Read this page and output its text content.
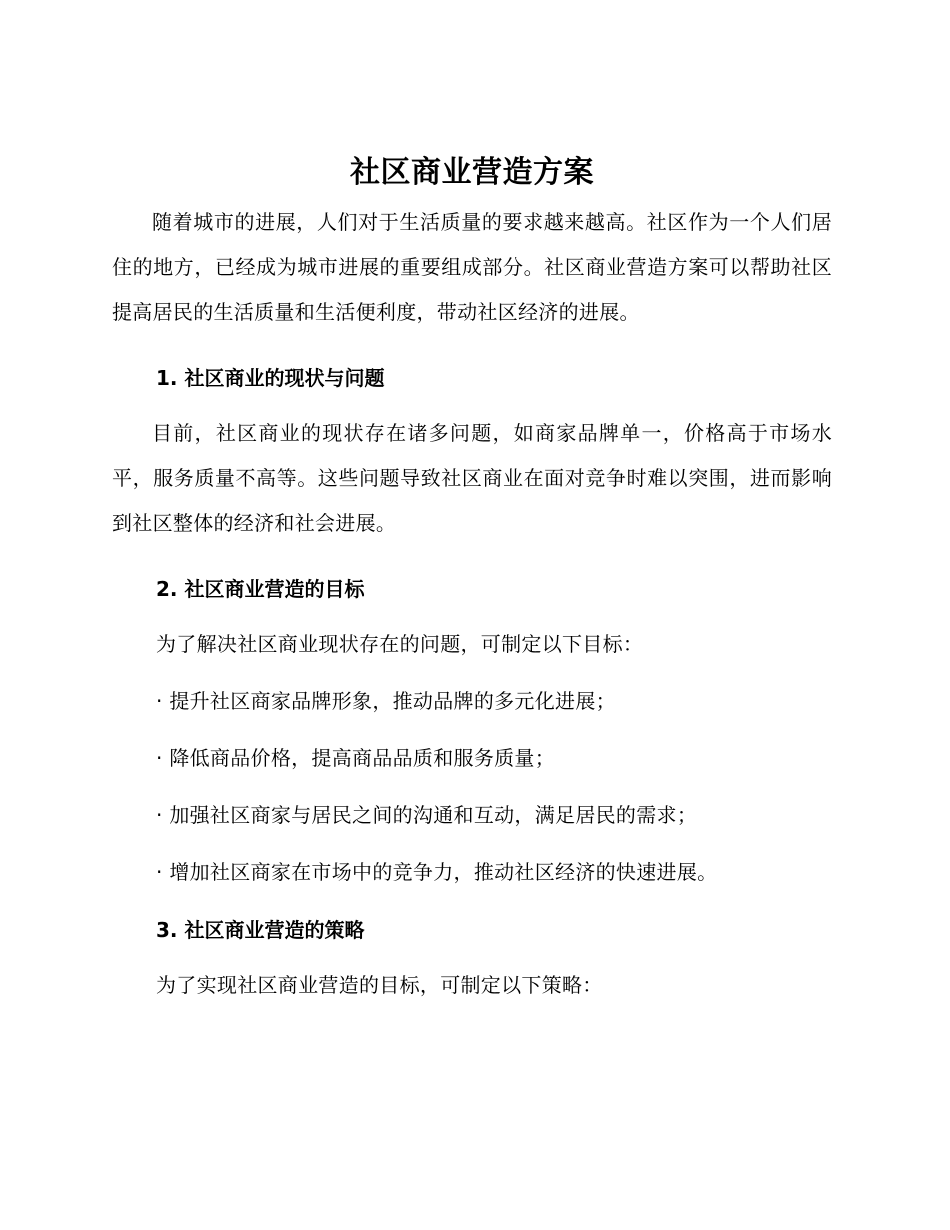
社区商业营造方案

随着城市的进展，人们对于生活质量的要求越来越高。社区作为一个人们居住的地方，已经成为城市进展的重要组成部分。社区商业营造方案可以帮助社区提高居民的生活质量和生活便利度，带动社区经济的进展。

1. 社区商业的现状与问题

目前，社区商业的现状存在诸多问题，如商家品牌单一，价格高于市场水平，服务质量不高等。这些问题导致社区商业在面对竞争时难以突围，进而影响到社区整体的经济和社会进展。

2. 社区商业营造的目标
为了解决社区商业现状存在的问题，可制定以下目标：
· 提升社区商家品牌形象，推动品牌的多元化进展；
· 降低商品价格，提高商品品质和服务质量；
· 加强社区商家与居民之间的沟通和互动，满足居民的需求；
· 增加社区商家在市场中的竞争力，推动社区经济的快速进展。
3. 社区商业营造的策略
为了实现社区商业营造的目标，可制定以下策略：
